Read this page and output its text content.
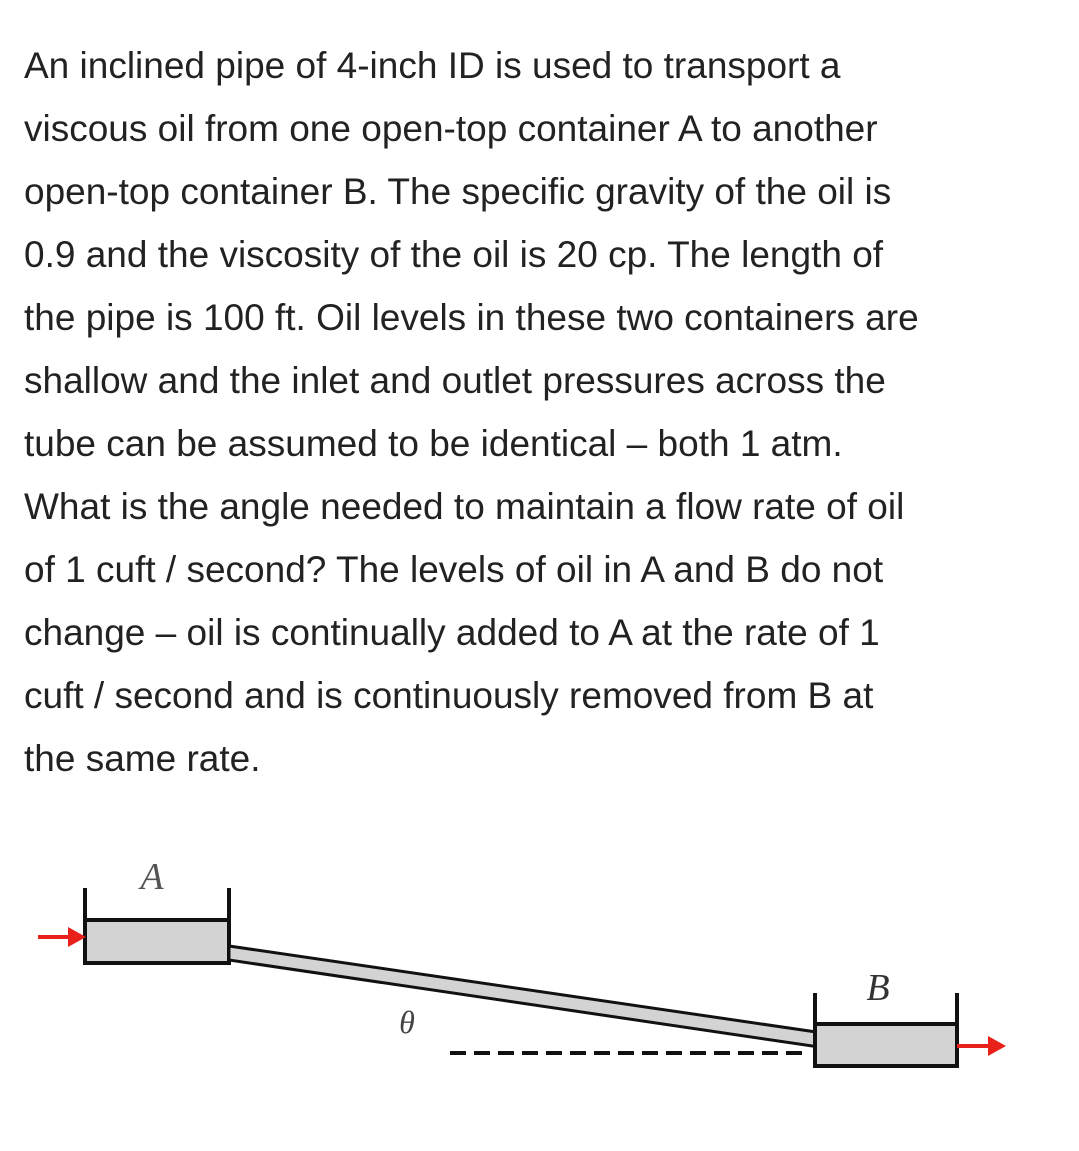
An inclined pipe of 4-inch ID is used to transport a
viscous oil from one open-top container A to another
open-top container B. The specific gravity of the oil is
0.9 and the viscosity of the oil is 20 cp. The length of
the pipe is 100 ft. Oil levels in these two containers are
shallow and the inlet and outlet pressures across the
tube can be assumed to be identical – both 1 atm.
What is the angle needed to maintain a flow rate of oil
of 1 cuft / second? The levels of oil in A and B do not
change – oil is continually added to A at the rate of 1
cuft / second and is continuously removed from B at
the same rate.
A
B
θ
